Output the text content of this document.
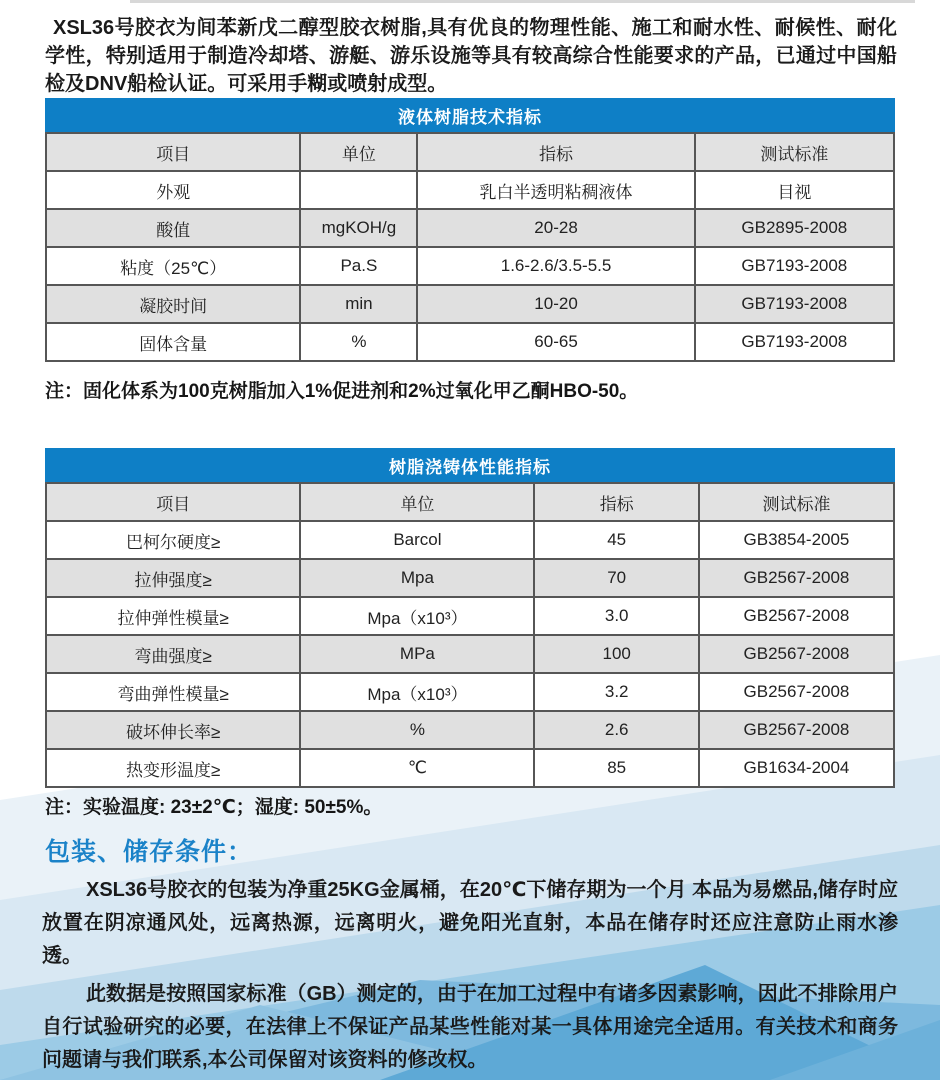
XSL36号胶衣为间苯新戊二醇型胶衣树脂,具有优良的物理性能、施工和耐水性、耐候性、耐化学性，特别适用于制造冷却塔、游艇、游乐设施等具有较高综合性能要求的产品，已通过中国船检及DNV船检认证。可采用手糊或喷射成型。

液体树脂技术指标
项目	单位	指标	测试标准
外观		乳白半透明粘稠液体	目视
酸值	mgKOH/g	20-28	GB2895-2008
粘度（25℃）	Pa.S	1.6-2.6/3.5-5.5	GB7193-2008
凝胶时间	min	10-20	GB7193-2008
固体含量	%	60-65	GB7193-2008

注：固化体系为100克树脂加入1%促进剂和2%过氧化甲乙酮HBO-50。

树脂浇铸体性能指标
项目	单位	指标	测试标准
巴柯尔硬度≥	Barcol	45	GB3854-2005
拉伸强度≥	Mpa	70	GB2567-2008
拉伸弹性模量≥	Mpa（x10³）	3.0	GB2567-2008
弯曲强度≥	MPa	100	GB2567-2008
弯曲弹性模量≥	Mpa（x10³）	3.2	GB2567-2008
破坏伸长率≥	%	2.6	GB2567-2008
热变形温度≥	℃	85	GB1634-2004

注：实验温度: 23±2℃；湿度: 50±5%。

包装、储存条件：

XSL36号胶衣的包装为净重25KG金属桶，在20℃下储存期为一个月 本品为易燃品,储存时应放置在阴凉通风处，远离热源，远离明火，避免阳光直射，本品在储存时还应注意防止雨水渗透。

此数据是按照国家标准（GB）测定的，由于在加工过程中有诸多因素影响，因此不排除用户自行试验研究的必要，在法律上不保证产品某些性能对某一具体用途完全适用。有关技术和商务问题请与我们联系,本公司保留对该资料的修改权。
